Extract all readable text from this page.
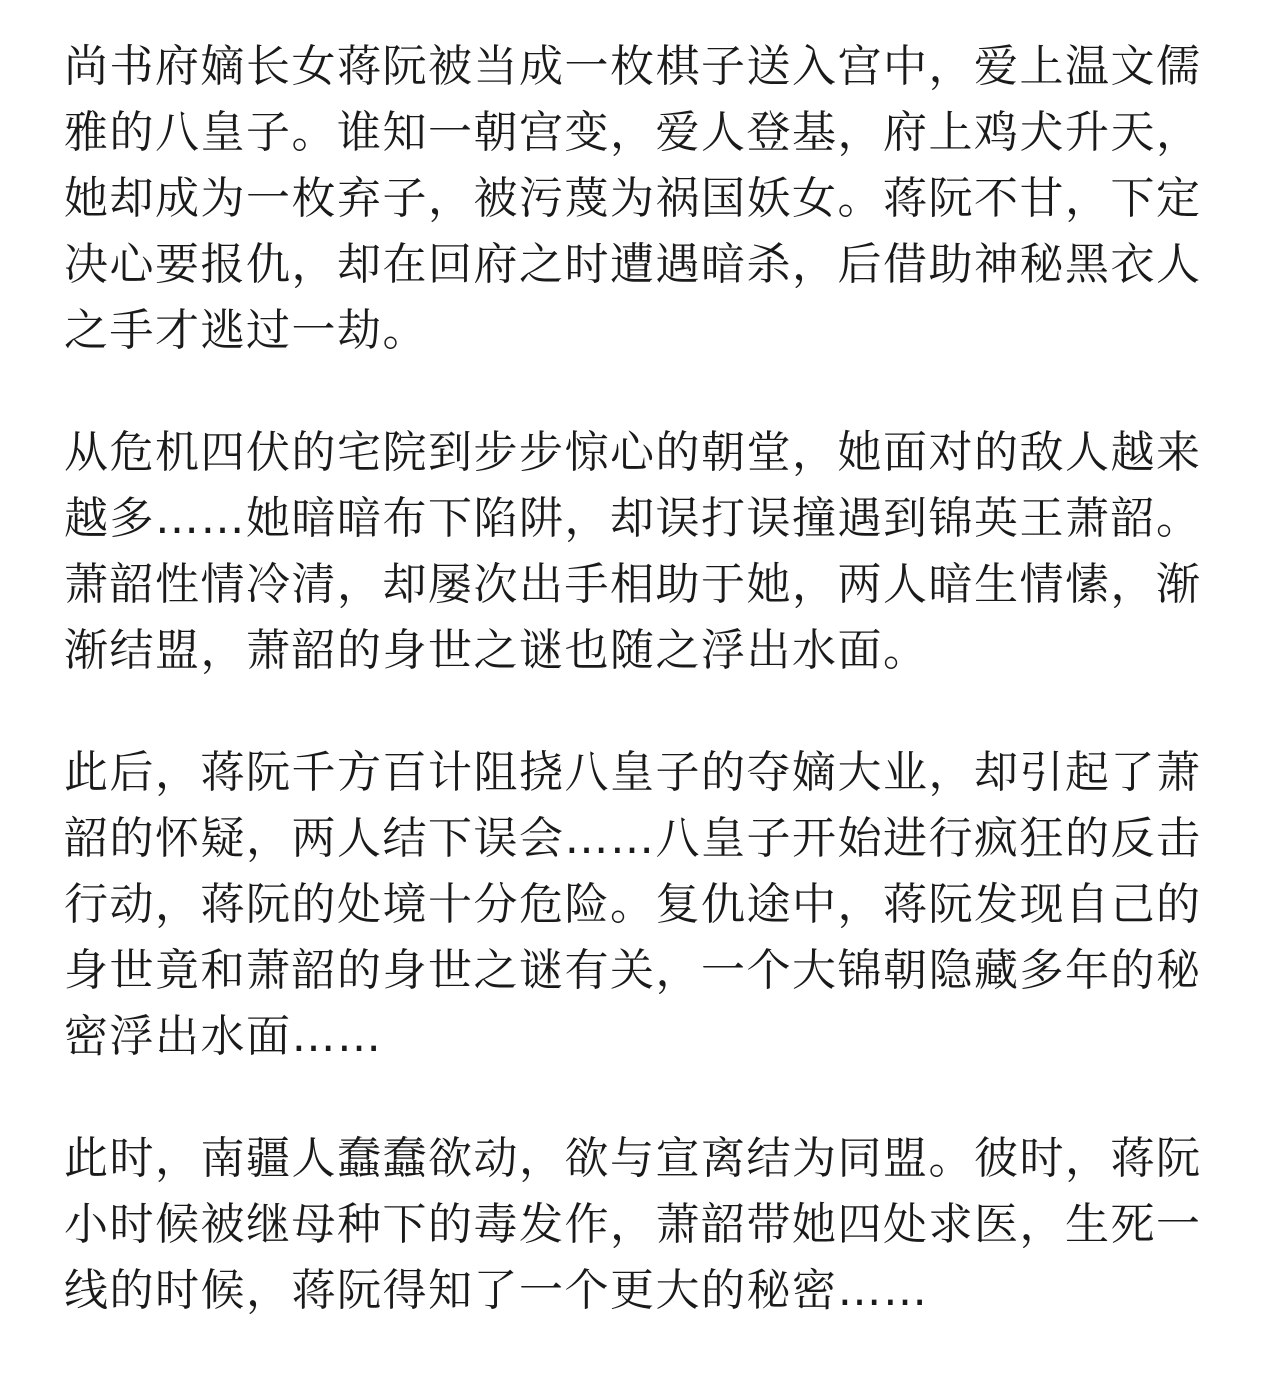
尚书府嫡长女蒋阮被当成一枚棋子送入宫中，爱上温文儒雅的八皇子。谁知一朝宫变，爱人登基，府上鸡犬升天，她却成为一枚弃子，被污蔑为祸国妖女。蒋阮不甘，下定决心要报仇，却在回府之时遭遇暗杀，后借助神秘黑衣人之手才逃过一劫。

从危机四伏的宅院到步步惊心的朝堂，她面对的敌人越来越多……她暗暗布下陷阱，却误打误撞遇到锦英王萧韶。萧韶性情冷清，却屡次出手相助于她，两人暗生情愫，渐渐结盟，萧韶的身世之谜也随之浮出水面。

此后，蒋阮千方百计阻挠八皇子的夺嫡大业，却引起了萧韶的怀疑，两人结下误会……八皇子开始进行疯狂的反击行动，蒋阮的处境十分危险。复仇途中，蒋阮发现自己的身世竟和萧韶的身世之谜有关，一个大锦朝隐藏多年的秘密浮出水面……

此时，南疆人蠢蠢欲动，欲与宣离结为同盟。彼时，蒋阮小时候被继母种下的毒发作，萧韶带她四处求医，生死一线的时候，蒋阮得知了一个更大的秘密……
